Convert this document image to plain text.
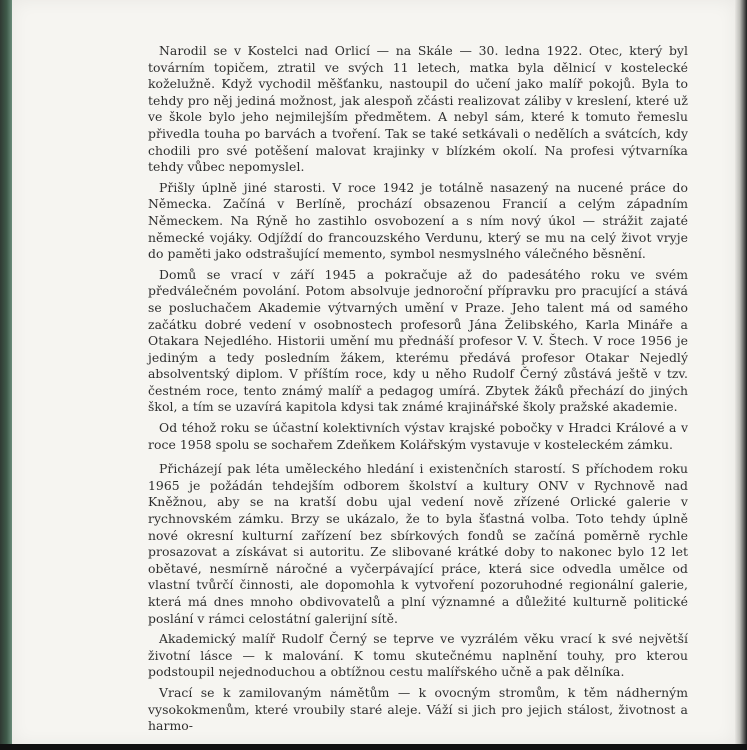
Narodil se v Kostelci nad Orlicí — na Skále — 30. ledna 1922. Otec, který byl továrním topičem, ztratil ve svých 11 letech, matka byla dělnicí v kostelecké koželužně. Když vychodil měšťanku, nastoupil do učení jako malíř pokojů. Byla to tehdy pro něj jediná možnost, jak alespoň zčásti realizovat záliby v kreslení, které už ve škole bylo jeho nejmilejším předmětem. A nebyl sám, které k tomuto řemeslu přivedla touha po barvách a tvoření. Tak se také setkávali o nedělích a svátcích, kdy chodili pro své potěšení malovat krajinky v blízkém okolí. Na profesi výtvarníka tehdy vůbec nepomyslel.

Přišly úplně jiné starosti. V roce 1942 je totálně nasazený na nucené práce do Německa. Začíná v Berlíně, prochází obsazenou Francií a celým západním Německem. Na Rýně ho zastihlo osvobození a s ním nový úkol — strážit zajaté německé vojáky. Odjíždí do francouzského Verdunu, který se mu na celý život vryje do paměti jako odstrašující memento, symbol nesmyslného válečného běsnění.

Domů se vrací v září 1945 a pokračuje až do padesátého roku ve svém předválečném povolání. Potom absolvuje jednoroční přípravku pro pracující a stává se posluchačem Akademie výtvarných umění v Praze. Jeho talent má od samého začátku dobré vedení v osobnostech profesorů Jána Želibského, Karla Mináře a Otakara Nejedlého. Historii umění mu přednáší profesor V. V. Štech. V roce 1956 je jediným a tedy posledním žákem, kterému předává profesor Otakar Nejedlý absolventský diplom. V příštím roce, kdy u něho Rudolf Černý zůstává ještě v tzv. čestném roce, tento známý malíř a pedagog umírá. Zbytek žáků přechází do jiných škol, a tím se uzavírá kapitola kdysi tak známé krajinářské školy pražské akademie.

Od téhož roku se účastní kolektivních výstav krajské pobočky v Hradci Králové a v roce 1958 spolu se sochařem Zdeňkem Kolářským vystavuje v kosteleckém zámku.

Přicházejí pak léta uměleckého hledání i existenčních starostí. S příchodem roku 1965 je požádán tehdejším odborem školství a kultury ONV v Rychnově nad Kněžnou, aby se na kratší dobu ujal vedení nově zřízené Orlické galerie v rychnovském zámku. Brzy se ukázalo, že to byla šťastná volba. Toto tehdy úplně nové okresní kulturní zařízení bez sbírkových fondů se začíná poměrně rychle prosazovat a získávat si autoritu. Ze slibované krátké doby to nakonec bylo 12 let obětavé, nesmírně náročné a vyčerpávající práce, která sice odvedla umělce od vlastní tvůrčí činnosti, ale dopomohla k vytvoření pozoruhodné regionální galerie, která má dnes mnoho obdivovatelů a plní významné a důležité kulturně politické poslání v rámci celostátní galerijní sítě.

Akademický malíř Rudolf Černý se teprve ve vyzrálém věku vrací k své největší životní lásce — k malování. K tomu skutečnému naplnění touhy, pro kterou podstoupil nejednoduchou a obtížnou cestu malířského učně a pak dělníka.

Vrací se k zamilovaným námětům — k ovocným stromům, k těm nádherným vysokokmenům, které vroubily staré aleje. Váží si jich pro jejich stálost, životnost a harmo-
